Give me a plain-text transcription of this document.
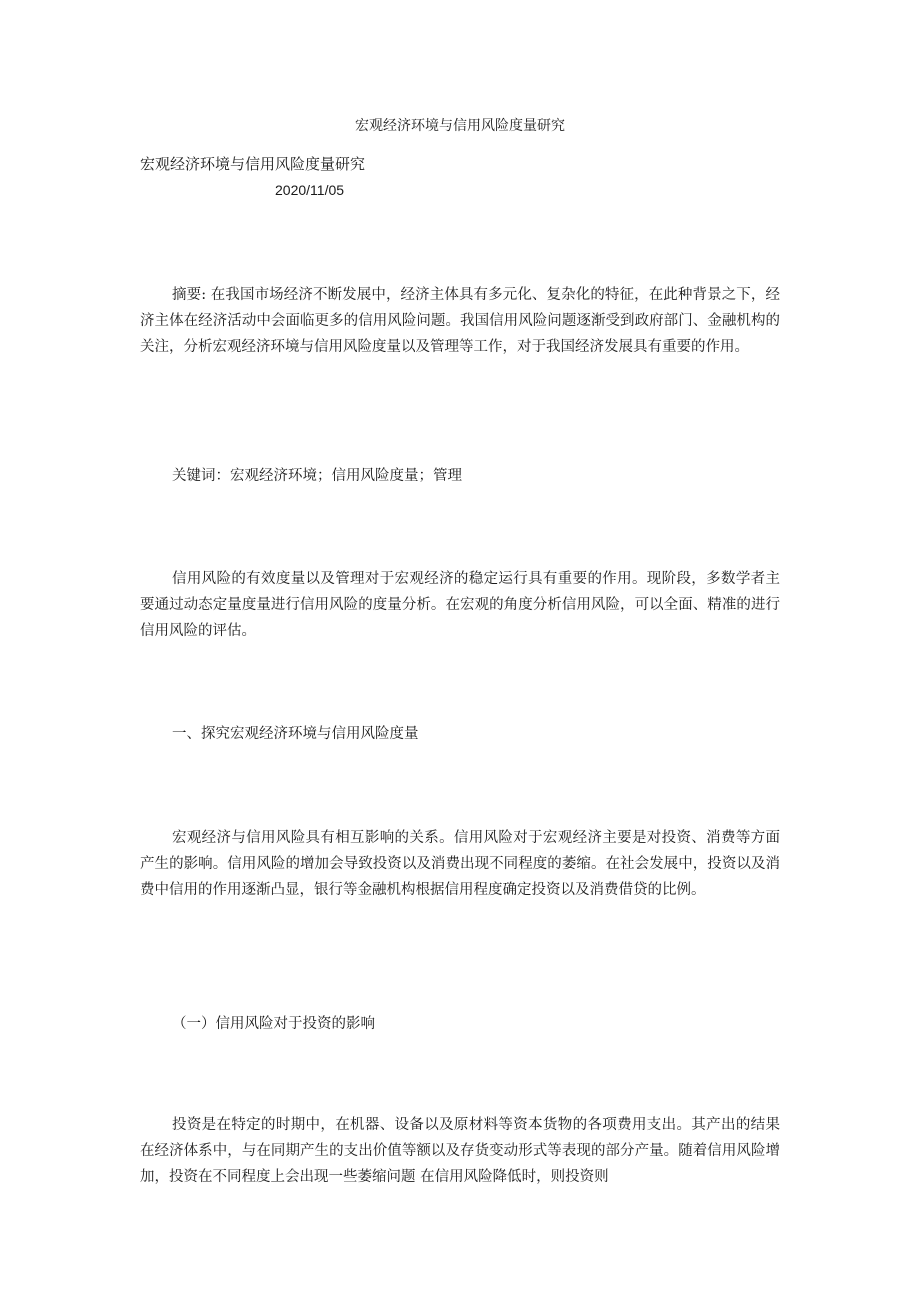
宏观经济环境与信用风险度量研究
宏观经济环境与信用风险度量研究
2020/11/05

摘要: 在我国市场经济不断发展中，经济主体具有多元化、复杂化的特征，在此种背景之下，经济主体在经济活动中会面临更多的信用风险问题。我国信用风险问题逐渐受到政府部门、金融机构的关注，分析宏观经济环境与信用风险度量以及管理等工作，对于我国经济发展具有重要的作用。

关键词：宏观经济环境；信用风险度量；管理

信用风险的有效度量以及管理对于宏观经济的稳定运行具有重要的作用。现阶段，多数学者主要通过动态定量度量进行信用风险的度量分析。在宏观的角度分析信用风险，可以全面、精准的进行信用风险的评估。

一、探究宏观经济环境与信用风险度量

宏观经济与信用风险具有相互影响的关系。信用风险对于宏观经济主要是对投资、消费等方面产生的影响。信用风险的增加会导致投资以及消费出现不同程度的萎缩。在社会发展中，投资以及消费中信用的作用逐渐凸显，银行等金融机构根据信用程度确定投资以及消费借贷的比例。

（一）信用风险对于投资的影响

投资是在特定的时期中，在机器、设备以及原材料等资本货物的各项费用支出。其产出的结果在经济体系中，与在同期产生的支出价值等额以及存货变动形式等表现的部分产量。随着信用风险增加，投资在不同程度上会出现一些萎缩问题 在信用风险降低时，则投资则
